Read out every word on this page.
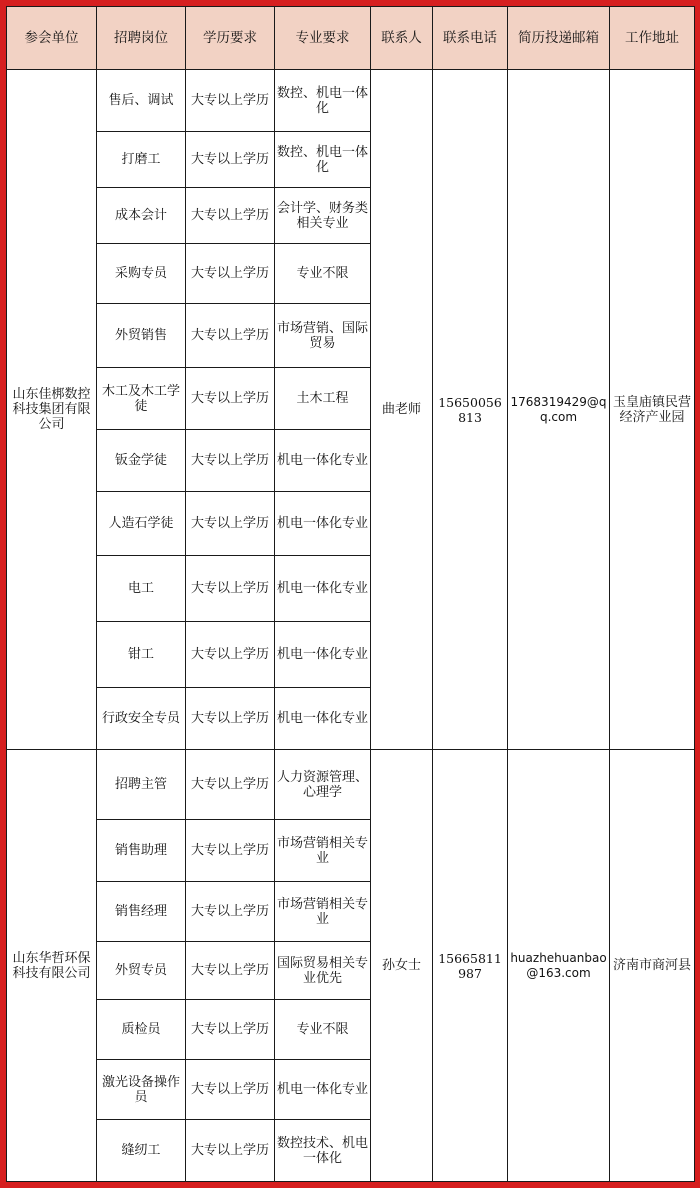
参会单位	招聘岗位	学历要求	专业要求	联系人	联系电话	简历投递邮箱	工作地址
山东佳梆数控科技集团有限公司	售后、调试	大专以上学历	数控、机电一体化	曲老师	15650056813	1768319429@qq.com	玉皇庙镇民营经济产业园
	打磨工	大专以上学历	数控、机电一体化				
	成本会计	大专以上学历	会计学、财务类相关专业				
	采购专员	大专以上学历	专业不限				
	外贸销售	大专以上学历	市场营销、国际贸易				
	木工及木工学徒	大专以上学历	土木工程				
	钣金学徒	大专以上学历	机电一体化专业				
	人造石学徒	大专以上学历	机电一体化专业				
	电工	大专以上学历	机电一体化专业				
	钳工	大专以上学历	机电一体化专业				
	行政安全专员	大专以上学历	机电一体化专业				
山东华哲环保科技有限公司	招聘主管	大专以上学历	人力资源管理、心理学	孙女士	15665811987	huazhehuanbao@163.com	济南市商河县
	销售助理	大专以上学历	市场营销相关专业				
	销售经理	大专以上学历	市场营销相关专业				
	外贸专员	大专以上学历	国际贸易相关专业优先				
	质检员	大专以上学历	专业不限				
	激光设备操作员	大专以上学历	机电一体化专业				
	缝纫工	大专以上学历	数控技术、机电一体化				
